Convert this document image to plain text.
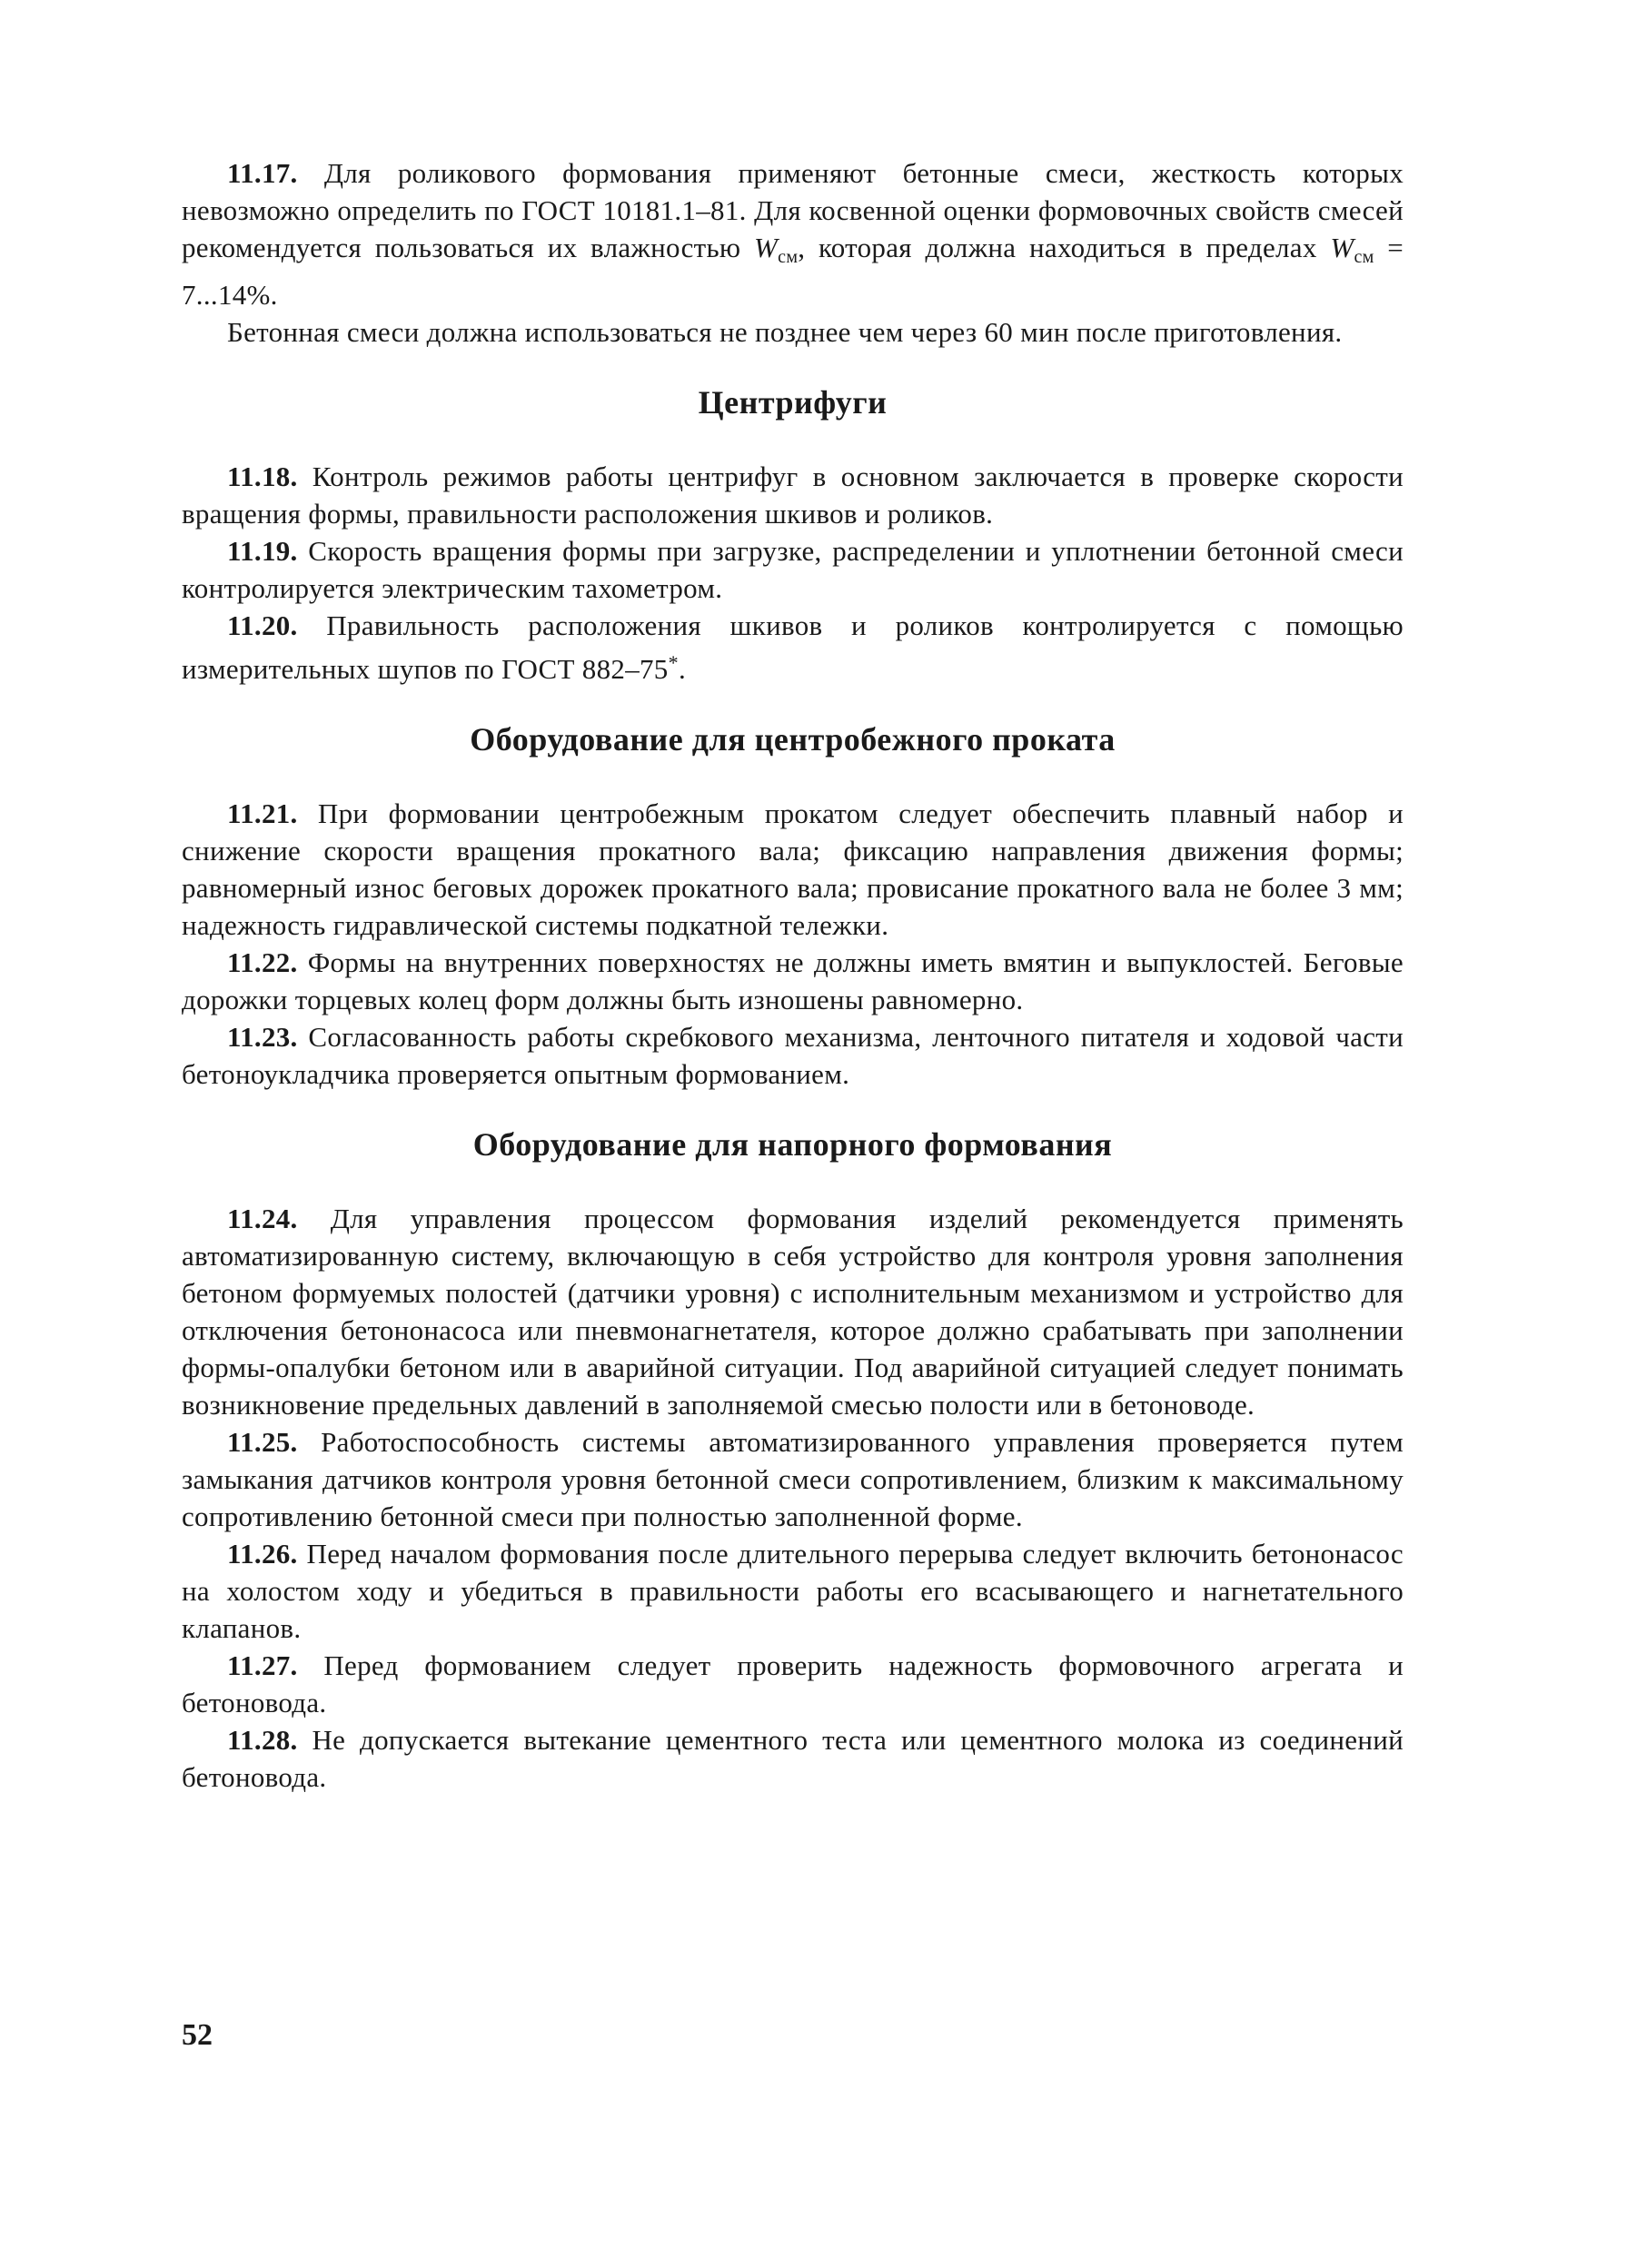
11.17. Для роликового формования применяют бетонные смеси, жесткость которых невозможно определить по ГОСТ 10181.1–81. Для косвенной оценки формовочных свойств смесей рекомендуется пользоваться их влажностью Wсм, которая должна находиться в пределах Wсм = 7...14%.

Бетонная смеси должна использоваться не позднее чем через 60 мин после приготовления.

Центрифуги

11.18. Контроль режимов работы центрифуг в основном заключается в проверке скорости вращения формы, правильности расположения шкивов и роликов.

11.19. Скорость вращения формы при загрузке, распределении и уплотнении бетонной смеси контролируется электрическим тахометром.

11.20. Правильность расположения шкивов и роликов контролируется с помощью измерительных шупов по ГОСТ 882–75*.

Оборудование для центробежного проката

11.21. При формовании центробежным прокатом следует обеспечить плавный набор и снижение скорости вращения прокатного вала; фиксацию направления движения формы; равномерный износ беговых дорожек прокатного вала; провисание прокатного вала не более 3 мм; надежность гидравлической системы подкатной тележки.

11.22. Формы на внутренних поверхностях не должны иметь вмятин и выпуклостей. Беговые дорожки торцевых колец форм должны быть изношены равномерно.

11.23. Согласованность работы скребкового механизма, ленточного питателя и ходовой части бетоноукладчика проверяется опытным формованием.

Оборудование для напорного формования

11.24. Для управления процессом формования изделий рекомендуется применять автоматизированную систему, включающую в себя устройство для контроля уровня заполнения бетоном формуемых полостей (датчики уровня) с исполнительным механизмом и устройство для отключения бетононасоса или пневмонагнетателя, которое должно срабатывать при заполнении формы-опалубки бетоном или в аварийной ситуации. Под аварийной ситуацией следует понимать возникновение предельных давлений в заполняемой смесью полости или в бетоноводе.

11.25. Работоспособность системы автоматизированного управления проверяется путем замыкания датчиков контроля уровня бетонной смеси сопротивлением, близким к максимальному сопротивлению бетонной смеси при полностью заполненной форме.

11.26. Перед началом формования после длительного перерыва следует включить бетононасос на холостом ходу и убедиться в правильности работы его всасывающего и нагнетательного клапанов.

11.27. Перед формованием следует проверить надежность формовочного агрегата и бетоновода.

11.28. Не допускается вытекание цементного теста или цементного молока из соединений бетоновода.

52
